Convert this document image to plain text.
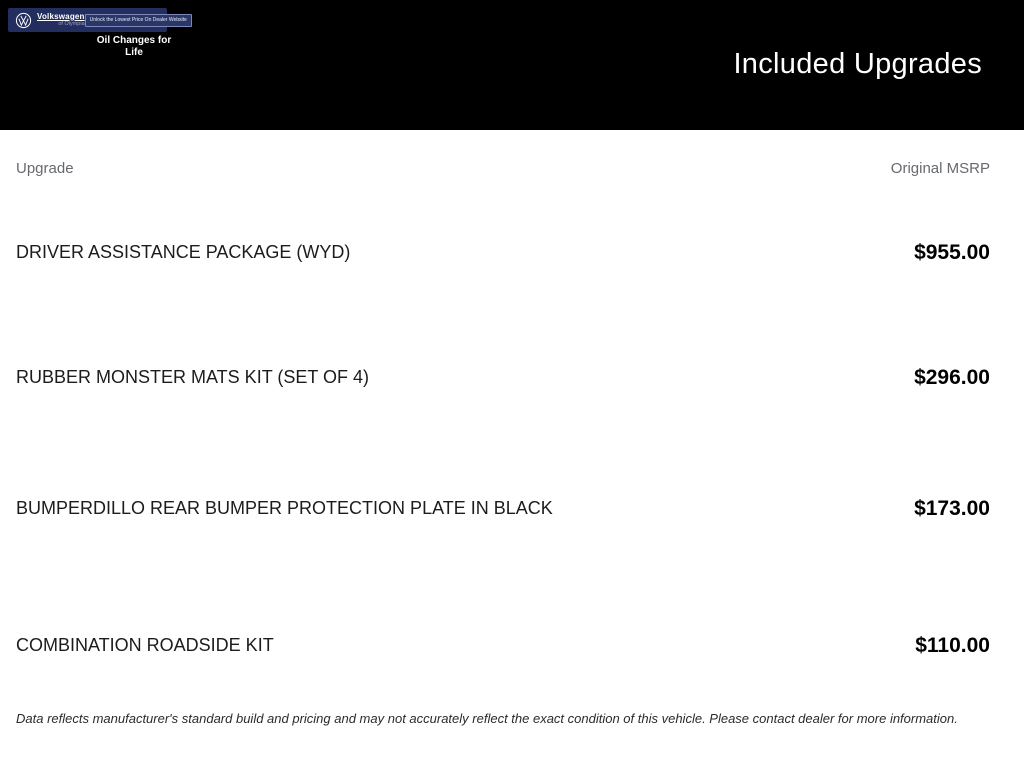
Volkswagen
of Olympia
Unlock the Lowest Price On Dealer Website
Oil Changes for Life	Included Upgrades
Upgrade	Original MSRP
DRIVER ASSISTANCE PACKAGE (WYD)	$955.00
RUBBER MONSTER MATS KIT (SET OF 4)	$296.00
BUMPERDILLO REAR BUMPER PROTECTION PLATE IN BLACK	$173.00
COMBINATION ROADSIDE KIT	$110.00
Data reflects manufacturer's standard build and pricing and may not accurately reflect the exact condition of this vehicle. Please contact dealer for more information.
